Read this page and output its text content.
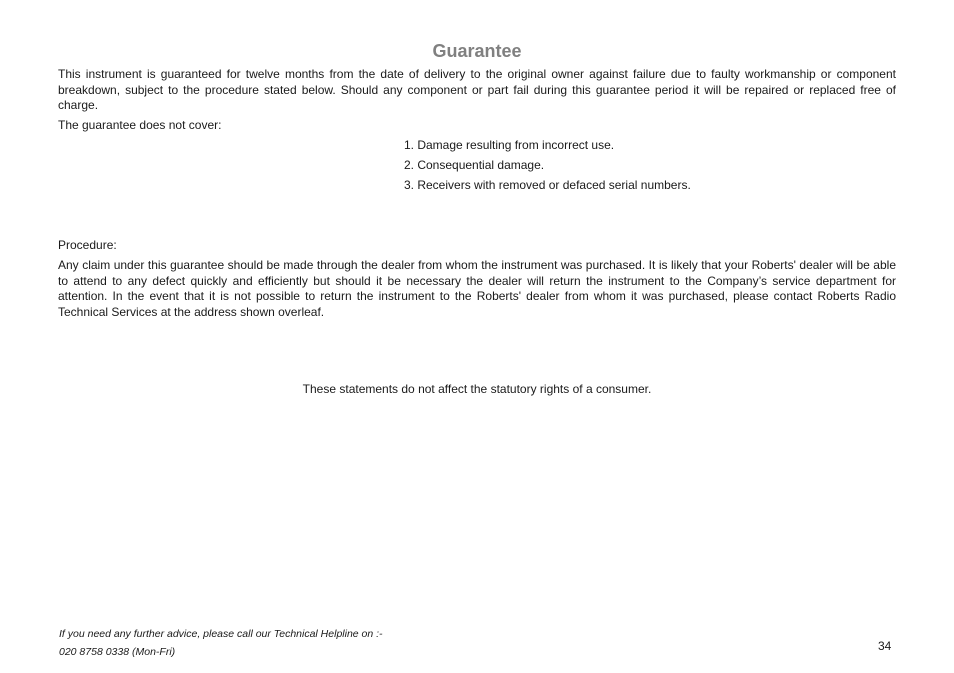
Guarantee

This instrument is guaranteed for twelve months from the date of delivery to the original owner against failure due to faulty workmanship or component breakdown, subject to the procedure stated below. Should any component or part fail during this guarantee period it will be repaired or replaced free of charge.

The guarantee does not cover:

1. Damage resulting from incorrect use.
2. Consequential damage.
3. Receivers with removed or defaced serial numbers.

Procedure:

Any claim under this guarantee should be made through the dealer from whom the instrument was purchased. It is likely that your Roberts' dealer will be able to attend to any defect quickly and efficiently but should it be necessary the dealer will return the instrument to the Company’s service department for attention. In the event that it is not possible to return the instrument to the Roberts' dealer from whom it was purchased, please contact Roberts Radio Technical Services at the address shown overleaf.

These statements do not affect the statutory rights of a consumer.

If you need any further advice, please call our Technical Helpline on :-

020 8758 0338 (Mon-Fri)	34
